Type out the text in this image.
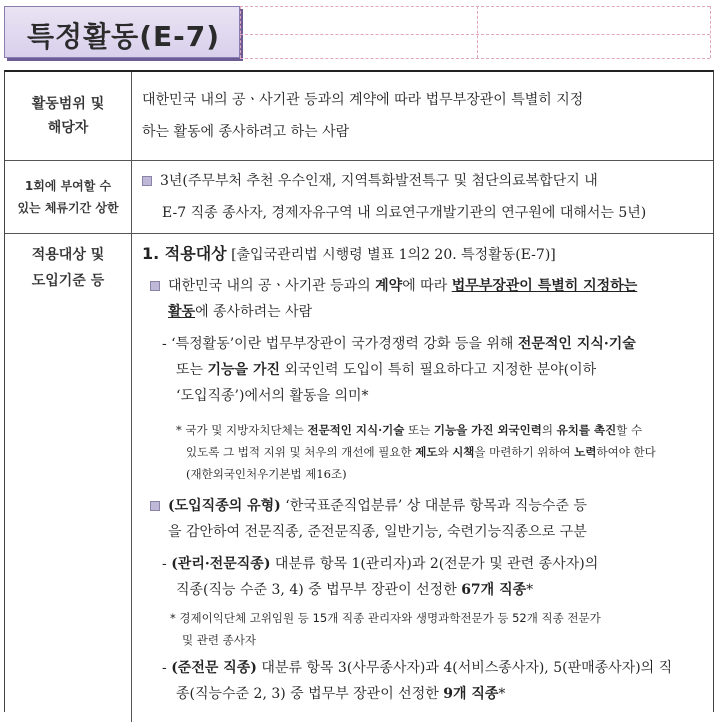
특정활동(E-7)
활동범위 및
해당자
대한민국 내의 공ㆍ사기관 등과의 계약에 따라 법무부장관이 특별히 지정
하는 활동에 종사하려고 하는 사람
1회에 부여할 수
있는 체류기간 상한
3년(주무부처 추천 우수인재, 지역특화발전특구 및 첨단의료복합단지 내
E-7 직종 종사자, 경제자유구역 내 의료연구개발기관의 연구원에 대해서는 5년)
적용대상 및
도입기준 등
1. 적용대상 [출입국관리법 시행령 별표 1의2 20. 특정활동(E-7)]
대한민국 내의 공ㆍ사기관 등과의 계약에 따라 법무부장관이 특별히 지정하는
활동에 종사하려는 사람
- ‘특정활동’이란 법무부장관이 국가경쟁력 강화 등을 위해 전문적인 지식·기술
또는 기능을 가진 외국인력 도입이 특히 필요하다고 지정한 분야(이하
‘도입직종’)에서의 활동을 의미*
* 국가 및 지방자치단체는 전문적인 지식·기술 또는 기능을 가진 외국인력의 유치를 촉진할 수
있도록 그 법적 지위 및 처우의 개선에 필요한 제도와 시책을 마련하기 위하여 노력하여야 한다
(재한외국인처우기본법 제16조)
(도입직종의 유형) ‘한국표준직업분류’ 상 대분류 항목과 직능수준 등
을 감안하여 전문직종, 준전문직종, 일반기능, 숙련기능직종으로 구분
- (관리·전문직종) 대분류 항목 1(관리자)과 2(전문가 및 관련 종사자)의
직종(직능 수준 3, 4) 중 법무부 장관이 선정한 67개 직종*
* 경제이익단체 고위임원 등 15개 직종 관리자와 생명과학전문가 등 52개 직종 전문가
및 관련 종사자
- (준전문 직종) 대분류 항목 3(사무종사자)과 4(서비스종사자), 5(판매종사자)의 직
종(직능수준 2, 3) 중 법무부 장관이 선정한 9개 직종*
